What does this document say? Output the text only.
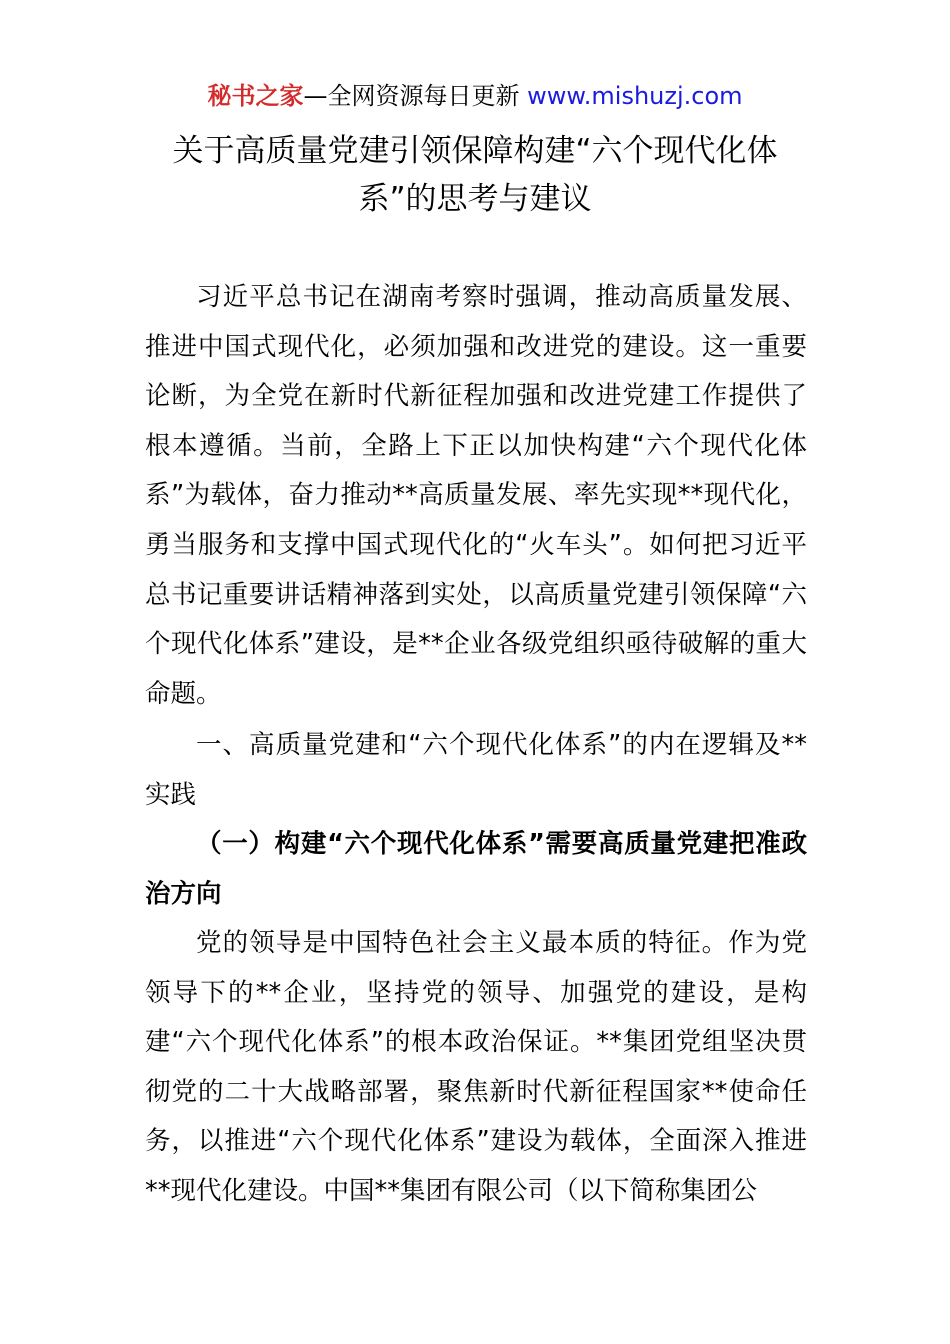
秘书之家—全网资源每日更新 www.mishuzj.com
关于高质量党建引领保障构建“六个现代化体系”的思考与建议

习近平总书记在湖南考察时强调，推动高质量发展、推进中国式现代化，必须加强和改进党的建设。这一重要论断，为全党在新时代新征程加强和改进党建工作提供了根本遵循。当前，全路上下正以加快构建“六个现代化体系”为载体，奋力推动**高质量发展、率先实现**现代化，勇当服务和支撑中国式现代化的“火车头”。如何把习近平总书记重要讲话精神落到实处，以高质量党建引领保障“六个现代化体系”建设，是**企业各级党组织亟待破解的重大命题。

一、高质量党建和“六个现代化体系”的内在逻辑及**实践

（一）构建“六个现代化体系”需要高质量党建把准政治方向

党的领导是中国特色社会主义最本质的特征。作为党领导下的**企业，坚持党的领导、加强党的建设，是构建“六个现代化体系”的根本政治保证。**集团党组坚决贯彻党的二十大战略部署，聚焦新时代新征程国家**使命任务，以推进“六个现代化体系”建设为载体，全面深入推进**现代化建设。中国**集团有限公司（以下简称集团公
